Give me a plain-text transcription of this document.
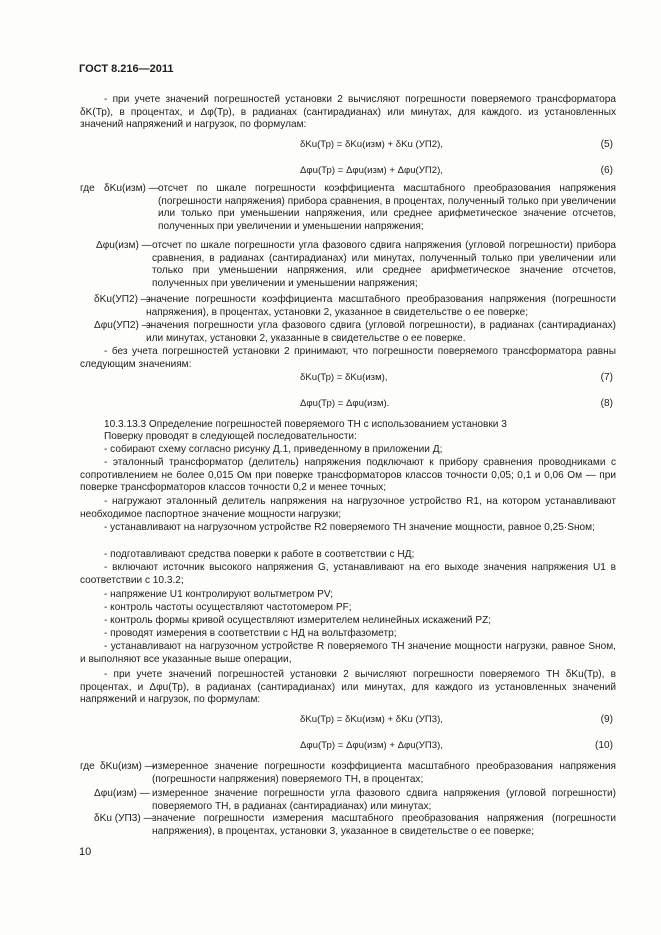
ГОСТ 8.216—2011
- при учете значений погрешностей установки 2 вычисляют погрешности поверяемого трансформатора δK(Тр), в процентах, и Δφ(Тр), в радианах (сантирадианах) или минутах, для каждого. из установленных значений напряжений и нагрузок, по формулам:
δKu(Тр) = δKu(изм) + δKu (УП2),	(5)
Δφu(Тр) = Δφu(изм) + Δφu(УП2),	(6)
где δKu(изм) — отсчет по шкале погрешности коэффициента масштабного преобразования напряжения (погрешности напряжения) прибора сравнения, в процентах, полученный только при увеличении или только при уменьшении напряжения, или среднее арифметическое значение отсчетов, полученных при увеличении и уменьшении напряжения;
Δφu(изм) — отсчет по шкале погрешности угла фазового сдвига напряжения (угловой погрешности) прибора сравнения, в радианах (сантирадианах) или минутах, полученный только при увеличении или только при уменьшении напряжения, или среднее арифметическое значение отсчетов, полученных при увеличении и уменьшении напряжения;
δKu(УП2) —
значение погрешности коэффициента масштабного преобразования напряжения (погрешности напряжения), в процентах, установки 2, указанное в свидетельстве о ее поверке;
Δφu(УП2) —
значения погрешности угла фазового сдвига (угловой погрешности), в радианах (сантирадианах) или минутах, установки 2, указанные в свидетельстве о ее поверке.
- без учета погрешностей установки 2 принимают, что погрешности поверяемого трансформатора равны следующим значениям:
δKu(Тр) = δKu(изм),	(7)
Δφu(Тр) = Δφu(изм).	(8)
10.3.13.3 Определение погрешностей поверяемого ТН с использованием установки 3
Поверку проводят в следующей последовательности:
- собирают схему согласно рисунку Д.1, приведенному в приложении Д;
- эталонный трансформатор (делитель) напряжения подключают к прибору сравнения проводниками с сопротивлением не более 0,015 Ом при поверке трансформаторов классов точности 0,05; 0,1 и 0,06 Ом — при поверке трансформаторов классов точности 0,2 и менее точных;
- нагружают эталонный делитель напряжения на нагрузочное устройство R1, на котором устанавливают необходимое паспортное значение мощности нагрузки;
- устанавливают на нагрузочном устройстве R2 поверяемого ТН значение мощности, равное 0,25·Sном;
- подготавливают средства поверки к работе в соответствии с НД;
- включают источник высокого напряжения G, устанавливают на его выходе значения напряжения U1 в соответствии с 10.3.2;
- напряжение U1 контролируют вольтметром PV;
- контроль частоты осуществляют частотомером PF;
- контроль формы кривой осуществляют измерителем нелинейных искажений PZ;
- проводят измерения в соответствии с НД на вольтфазометр;
- устанавливают на нагрузочном устройстве R поверяемого ТН значение мощности нагрузки, равное Sном, и выполняют все указанные выше операции,
- при учете значений погрешностей установки 2 вычисляют погрешности поверяемого ТН δKu(Тр), в процентах, и Δφu(Тр), в радианах (сантирадианах) или минутах, для каждого из установленных значений напряжений и нагрузок, по формулам:
δKu(Тр) = δKu(изм) + δKu (УП3),	(9)
Δφu(Тр) = Δφu(изм) + Δφu(УП3),	(10)
где δKu(изм) —
измеренное значение погрешности коэффициента масштабного преобразования напряжения (погрешности напряжения) поверяемого ТН, в процентах;
Δφu(изм) — измеренное значение погрешности угла фазового сдвига напряжения (угловой погрешности) поверяемого ТН, в радианах (сантирадианах) или минутах;
δKu (УП3) —
значение погрешности измерения масштабного преобразования напряжения (погрешности напряжения), в процентах, установки 3, указанное в свидетельстве о ее поверке;
10
